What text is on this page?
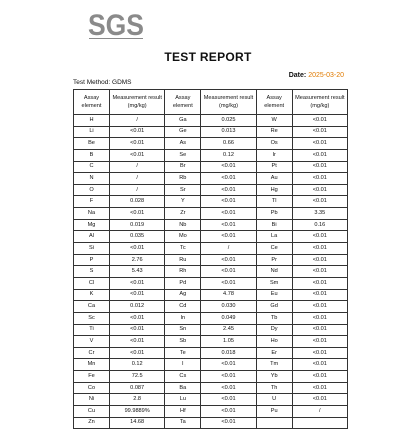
SGS
TEST REPORT
Date: 2025-03-20
Test Method: GDMS
Assay element	Measurement result (mg/kg)	Assay element	Measurement result (mg/kg)	Assay element	Measurement result (mg/kg)
H	/	Ga	0.025	W	<0.01
Li	<0.01	Ge	0.013	Re	<0.01
Be	<0.01	As	0.66	Os	<0.01
B	<0.01	Se	0.12	Ir	<0.01
C	/	Br	<0.01	Pt	<0.01
N	/	Rb	<0.01	Au	<0.01
O	/	Sr	<0.01	Hg	<0.01
F	0.028	Y	<0.01	Tl	<0.01
Na	<0.01	Zr	<0.01	Pb	3.35
Mg	0.019	Nb	<0.01	Bi	0.16
Al	0.035	Mo	<0.01	La	<0.01
Si	<0.01	Tc	/	Ce	<0.01
P	2.76	Ru	<0.01	Pr	<0.01
S	5.43	Rh	<0.01	Nd	<0.01
Cl	<0.01	Pd	<0.01	Sm	<0.01
K	<0.01	Ag	4.78	Eu	<0.01
Ca	0.012	Cd	0.030	Gd	<0.01
Sc	<0.01	In	0.049	Tb	<0.01
Ti	<0.01	Sn	2.45	Dy	<0.01
V	<0.01	Sb	1.05	Ho	<0.01
Cr	<0.01	Te	0.018	Er	<0.01
Mn	0.12	I	<0.01	Tm	<0.01
Fe	72.5	Cs	<0.01	Yb	<0.01
Co	0.087	Ba	<0.01	Th	<0.01
Ni	2.8	Lu	<0.01	U	<0.01
Cu	99.9889%	Hf	<0.01	Pu	/
Zn	14.68	Ta	<0.01		
